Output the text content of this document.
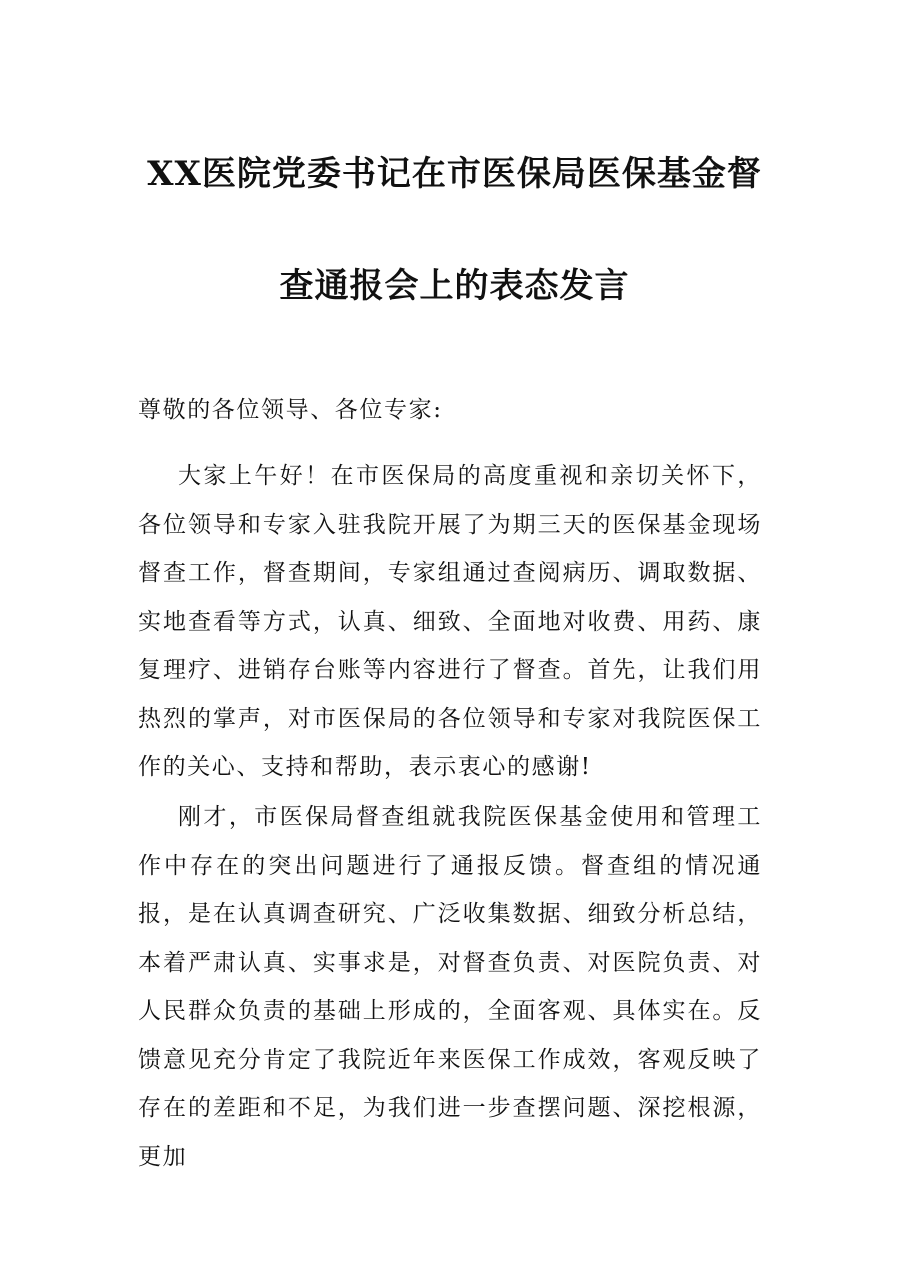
XX医院党委书记在市医保局医保基金督
查通报会上的表态发言
尊敬的各位领导、各位专家:

大家上午好！在市医保局的高度重视和亲切关怀下，各位领导和专家入驻我院开展了为期三天的医保基金现场督查工作，督查期间，专家组通过查阅病历、调取数据、实地查看等方式，认真、细致、全面地对收费、用药、康复理疗、进销存台账等内容进行了督查。首先，让我们用热烈的掌声，对市医保局的各位领导和专家对我院医保工作的关心、支持和帮助，表示衷心的感谢!

刚才，市医保局督查组就我院医保基金使用和管理工作中存在的突出问题进行了通报反馈。督查组的情况通报，是在认真调查研究、广泛收集数据、细致分析总结，本着严肃认真、实事求是，对督查负责、对医院负责、对人民群众负责的基础上形成的，全面客观、具体实在。反馈意见充分肯定了我院近年来医保工作成效，客观反映了存在的差距和不足，为我们进一步查摆问题、深挖根源，更加
